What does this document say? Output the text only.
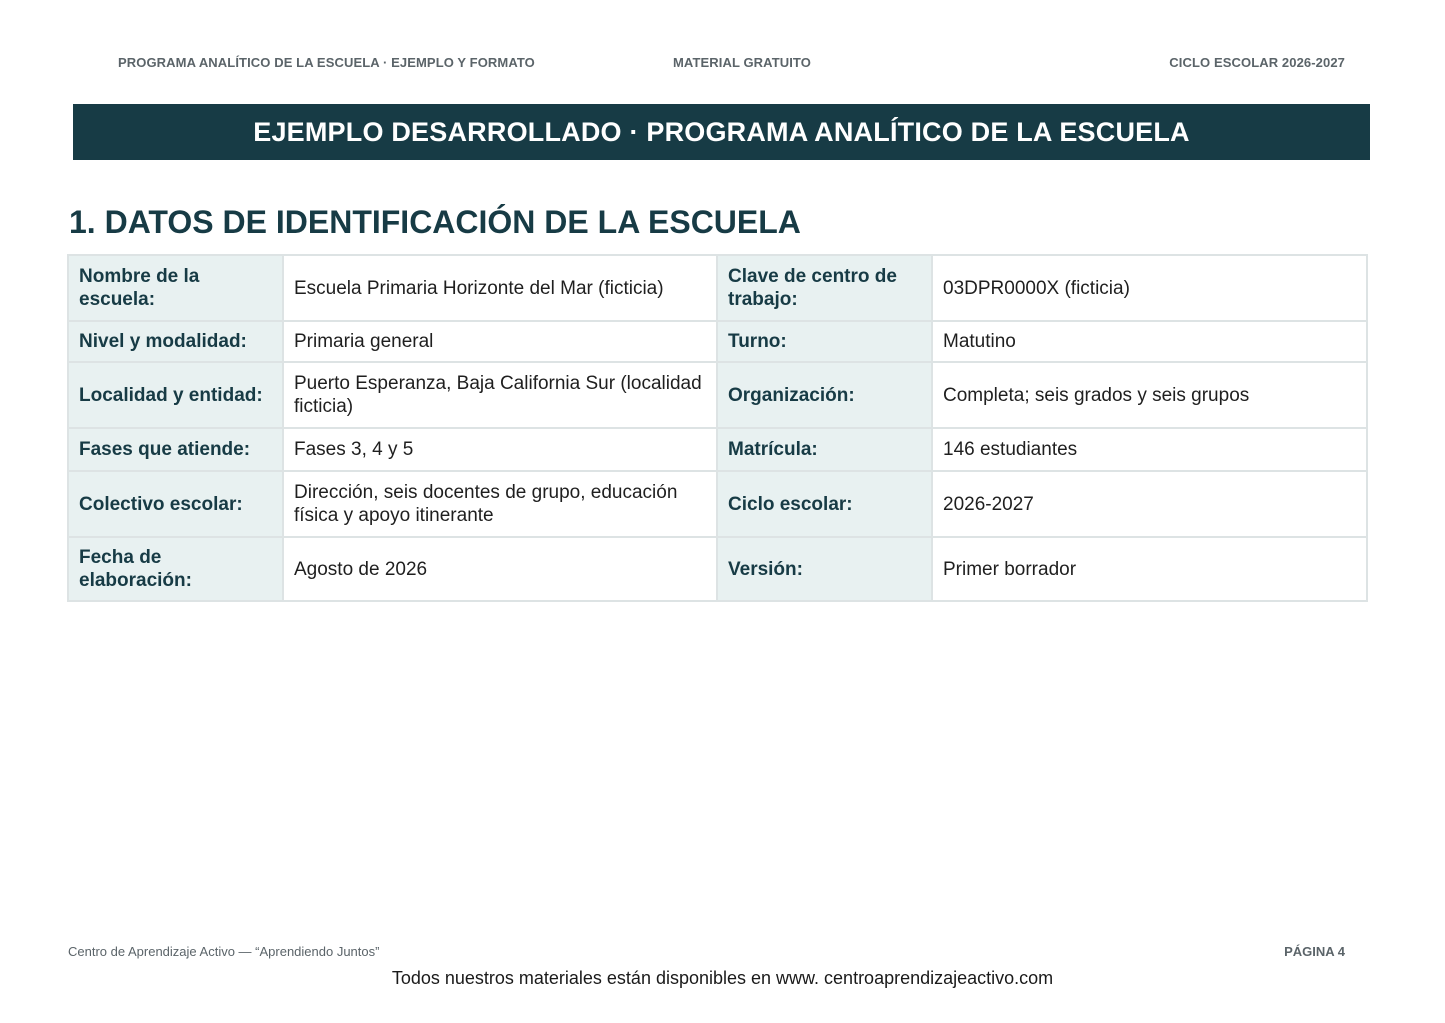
PROGRAMA ANALÍTICO DE LA ESCUELA · EJEMPLO Y FORMATO	MATERIAL GRATUITO	CICLO ESCOLAR 2026-2027
EJEMPLO DESARROLLADO · PROGRAMA ANALÍTICO DE LA ESCUELA
1. DATOS DE IDENTIFICACIÓN DE LA ESCUELA
Nombre de la escuela:	Escuela Primaria Horizonte del Mar (ficticia)	Clave de centro de trabajo:	03DPR0000X (ficticia)
Nivel y modalidad:	Primaria general	Turno:	Matutino
Localidad y entidad:	Puerto Esperanza, Baja California Sur (localidad ficticia)	Organización:	Completa; seis grados y seis grupos
Fases que atiende:	Fases 3, 4 y 5	Matrícula:	146 estudiantes
Colectivo escolar:	Dirección, seis docentes de grupo, educación física y apoyo itinerante	Ciclo escolar:	2026-2027
Fecha de elaboración:	Agosto de 2026	Versión:	Primer borrador
Centro de Aprendizaje Activo — “Aprendiendo Juntos”	PÁGINA 4
Todos nuestros materiales están disponibles en www. centroaprendizajeactivo.com
